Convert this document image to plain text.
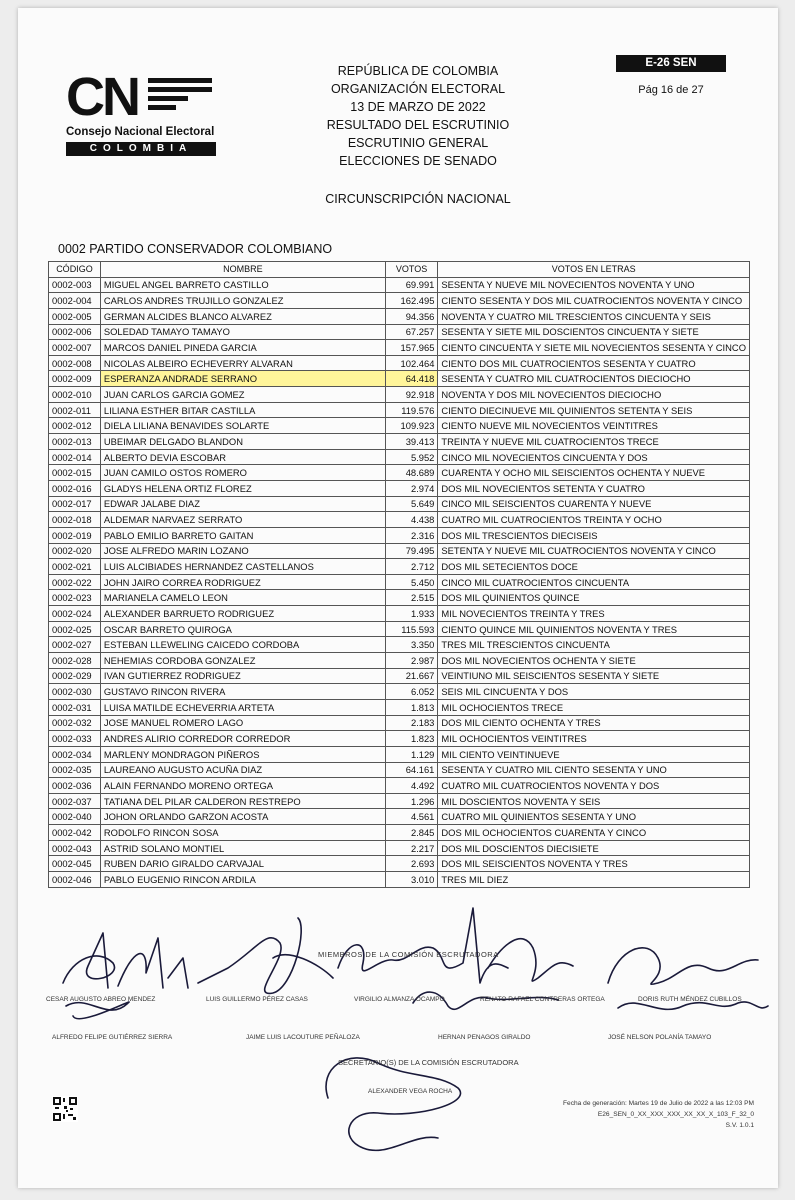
CN
Consejo Nacional Electoral
COLOMBIA
REPÚBLICA DE COLOMBIA
ORGANIZACIÓN ELECTORAL
13 DE MARZO DE 2022
RESULTADO DEL ESCRUTINIO
ESCRUTINIO GENERAL
ELECCIONES DE SENADO
CIRCUNSCRIPCIÓN NACIONAL
E-26 SEN
Pág 16 de 27
0002 PARTIDO CONSERVADOR COLOMBIANO
CÓDIGO	NOMBRE	VOTOS	VOTOS EN LETRAS
0002-003	MIGUEL ANGEL BARRETO CASTILLO	69.991	SESENTA Y NUEVE MIL NOVECIENTOS NOVENTA Y UNO
0002-004	CARLOS ANDRES TRUJILLO GONZALEZ	162.495	CIENTO SESENTA Y DOS MIL CUATROCIENTOS NOVENTA Y CINCO
0002-005	GERMAN ALCIDES BLANCO ALVAREZ	94.356	NOVENTA Y CUATRO MIL TRESCIENTOS CINCUENTA Y SEIS
0002-006	SOLEDAD TAMAYO TAMAYO	67.257	SESENTA Y SIETE MIL DOSCIENTOS CINCUENTA Y SIETE
0002-007	MARCOS DANIEL PINEDA GARCIA	157.965	CIENTO CINCUENTA Y SIETE MIL NOVECIENTOS SESENTA Y CINCO
0002-008	NICOLAS ALBEIRO ECHEVERRY ALVARAN	102.464	CIENTO DOS MIL CUATROCIENTOS SESENTA Y CUATRO
0002-009	ESPERANZA ANDRADE SERRANO	64.418	SESENTA Y CUATRO MIL CUATROCIENTOS DIECIOCHO
0002-010	JUAN CARLOS GARCIA GOMEZ	92.918	NOVENTA Y DOS MIL NOVECIENTOS DIECIOCHO
0002-011	LILIANA ESTHER BITAR CASTILLA	119.576	CIENTO DIECINUEVE MIL QUINIENTOS SETENTA Y SEIS
0002-012	DIELA LILIANA BENAVIDES SOLARTE	109.923	CIENTO NUEVE MIL NOVECIENTOS VEINTITRES
0002-013	UBEIMAR DELGADO BLANDON	39.413	TREINTA Y NUEVE MIL CUATROCIENTOS TRECE
0002-014	ALBERTO DEVIA ESCOBAR	5.952	CINCO MIL NOVECIENTOS CINCUENTA Y DOS
0002-015	JUAN CAMILO OSTOS ROMERO	48.689	CUARENTA Y OCHO MIL SEISCIENTOS OCHENTA Y NUEVE
0002-016	GLADYS HELENA ORTIZ FLOREZ	2.974	DOS MIL NOVECIENTOS SETENTA Y CUATRO
0002-017	EDWAR JALABE DIAZ	5.649	CINCO MIL SEISCIENTOS CUARENTA Y NUEVE
0002-018	ALDEMAR NARVAEZ SERRATO	4.438	CUATRO MIL CUATROCIENTOS TREINTA Y OCHO
0002-019	PABLO EMILIO BARRETO GAITAN	2.316	DOS MIL TRESCIENTOS DIECISEIS
0002-020	JOSE ALFREDO MARIN LOZANO	79.495	SETENTA Y NUEVE MIL CUATROCIENTOS NOVENTA Y CINCO
0002-021	LUIS ALCIBIADES HERNANDEZ CASTELLANOS	2.712	DOS MIL SETECIENTOS DOCE
0002-022	JOHN JAIRO CORREA RODRIGUEZ	5.450	CINCO MIL CUATROCIENTOS CINCUENTA
0002-023	MARIANELA CAMELO LEON	2.515	DOS MIL QUINIENTOS QUINCE
0002-024	ALEXANDER BARRUETO RODRIGUEZ	1.933	MIL NOVECIENTOS TREINTA Y TRES
0002-025	OSCAR BARRETO QUIROGA	115.593	CIENTO QUINCE MIL QUINIENTOS NOVENTA Y TRES
0002-027	ESTEBAN LLEWELING CAICEDO CORDOBA	3.350	TRES MIL TRESCIENTOS CINCUENTA
0002-028	NEHEMIAS CORDOBA GONZALEZ	2.987	DOS MIL NOVECIENTOS OCHENTA Y SIETE
0002-029	IVAN GUTIERREZ RODRIGUEZ	21.667	VEINTIUNO MIL SEISCIENTOS SESENTA Y SIETE
0002-030	GUSTAVO RINCON RIVERA	6.052	SEIS MIL CINCUENTA Y DOS
0002-031	LUISA MATILDE ECHEVERRIA ARTETA	1.813	MIL OCHOCIENTOS TRECE
0002-032	JOSE MANUEL ROMERO LAGO	2.183	DOS MIL CIENTO OCHENTA Y TRES
0002-033	ANDRES ALIRIO CORREDOR CORREDOR	1.823	MIL OCHOCIENTOS VEINTITRES
0002-034	MARLENY MONDRAGON PIÑEROS	1.129	MIL CIENTO VEINTINUEVE
0002-035	LAUREANO AUGUSTO ACUÑA DIAZ	64.161	SESENTA Y CUATRO MIL CIENTO SESENTA Y UNO
0002-036	ALAIN FERNANDO MORENO ORTEGA	4.492	CUATRO MIL CUATROCIENTOS NOVENTA Y DOS
0002-037	TATIANA DEL PILAR CALDERON RESTREPO	1.296	MIL DOSCIENTOS NOVENTA Y SEIS
0002-040	JOHON ORLANDO GARZON ACOSTA	4.561	CUATRO MIL QUINIENTOS SESENTA Y UNO
0002-042	RODOLFO RINCON SOSA	2.845	DOS MIL OCHOCIENTOS CUARENTA Y CINCO
0002-043	ASTRID SOLANO MONTIEL	2.217	DOS MIL DOSCIENTOS DIECISIETE
0002-045	RUBEN DARIO GIRALDO CARVAJAL	2.693	DOS MIL SEISCIENTOS NOVENTA Y TRES
0002-046	PABLO EUGENIO RINCON ARDILA	3.010	TRES MIL DIEZ
MIEMBROS DE LA COMISIÓN ESCRUTADORA
CESAR AUGUSTO ABREO MENDEZ	LUIS GUILLERMO PÉREZ CASAS	VIRGILIO ALMANZA OCAMPO	RENATO RAFAEL CONTRERAS ORTEGA	DORIS RUTH MÉNDEZ CUBILLOS
ALFREDO FELIPE GUTIÉRREZ SIERRA	JAIME LUIS LACOUTURE PEÑALOZA	HERNAN PENAGOS GIRALDO	JOSÉ NELSON POLANÍA TAMAYO
SECRETARIO(S) DE LA COMISIÓN ESCRUTADORA
ALEXANDER VEGA ROCHA
Fecha de generación: Martes 19 de Julio de 2022 a las 12:03 PM
E26_SEN_0_XX_XXX_XXX_XX_XX_X_103_F_32_0
S.V. 1.0.1
